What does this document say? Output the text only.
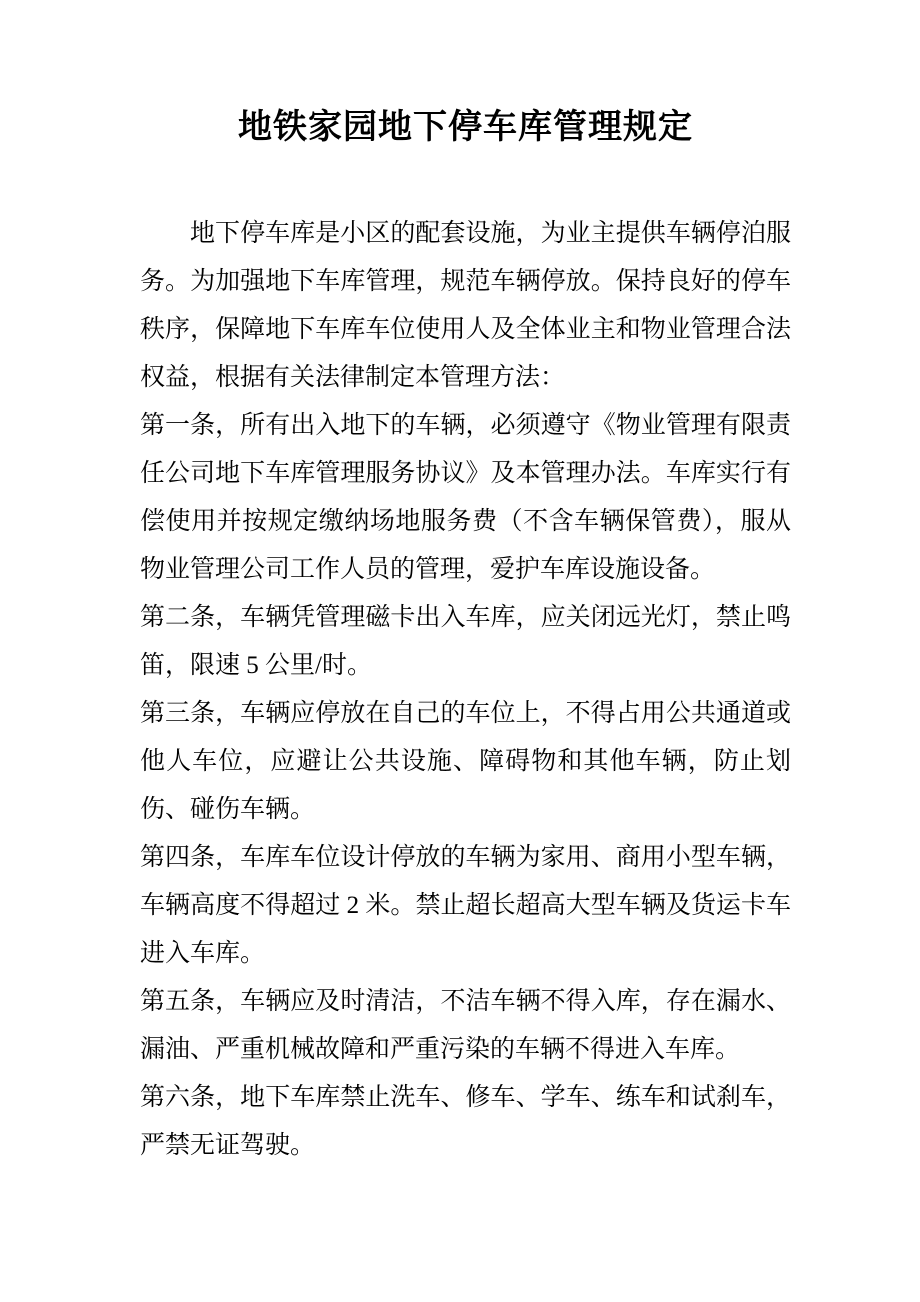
地铁家园地下停车库管理规定

地下停车库是小区的配套设施，为业主提供车辆停泊服务。为加强地下车库管理，规范车辆停放。保持良好的停车秩序，保障地下车库车位使用人及全体业主和物业管理合法权益，根据有关法律制定本管理方法：

第一条，所有出入地下的车辆，必须遵守《物业管理有限责任公司地下车库管理服务协议》及本管理办法。车库实行有偿使用并按规定缴纳场地服务费（不含车辆保管费），服从物业管理公司工作人员的管理，爱护车库设施设备。

第二条，车辆凭管理磁卡出入车库，应关闭远光灯，禁止鸣笛，限速 5 公里/时。

第三条，车辆应停放在自己的车位上，不得占用公共通道或他人车位，应避让公共设施、障碍物和其他车辆，防止划伤、碰伤车辆。

第四条，车库车位设计停放的车辆为家用、商用小型车辆，车辆高度不得超过 2 米。禁止超长超高大型车辆及货运卡车进入车库。

第五条，车辆应及时清洁，不洁车辆不得入库，存在漏水、漏油、严重机械故障和严重污染的车辆不得进入车库。

第六条，地下车库禁止洗车、修车、学车、练车和试刹车，严禁无证驾驶。
